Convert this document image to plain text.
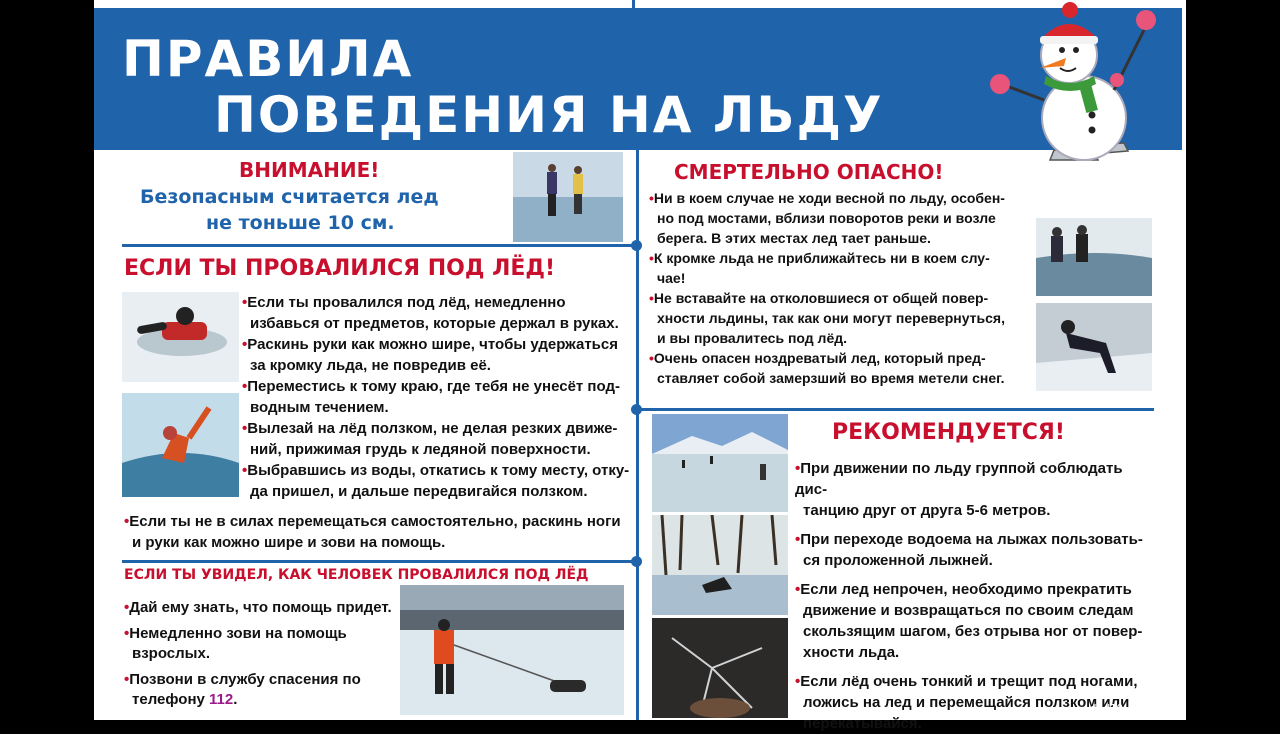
ПРАВИЛА
ПОВЕДЕНИЯ НА ЛЬДУ
ВНИМАНИЕ!
Безопасным считается лед
не тоньше 10 см.
ЕСЛИ ТЫ ПРОВАЛИЛСЯ ПОД ЛЁД!
•Если ты провалился под лёд, немедленно
избавься от предметов, которые держал в руках.
•Раскинь руки как можно шире, чтобы удержаться
за кромку льда, не повредив её.
•Переместись к тому краю, где тебя не унесёт под-
водным течением.
•Вылезай на лёд ползком, не делая резких движе-
ний, прижимая грудь к ледяной поверхности.
•Выбравшись из воды, откатись к тому месту, отку-
да пришел, и дальше передвигайся ползком.
•Если ты не в силах перемещаться самостоятельно, раскинь ноги
и руки как можно шире и зови на помощь.
ЕСЛИ ТЫ УВИДЕЛ, КАК ЧЕЛОВЕК ПРОВАЛИЛСЯ ПОД ЛЁД
•Дай ему знать, что помощь придет.
•Немедленно зови на помощь
взрослых.
•Позвони в службу спасения по
телефону 112.
СМЕРТЕЛЬНО ОПАСНО!
•Ни в коем случае не ходи весной по льду, особен-
но под мостами, вблизи поворотов реки и возле
берега. В этих местах лед тает раньше.
•К кромке льда не приближайтесь ни в коем слу-
чае!
•Не вставайте на отколовшиеся от общей повер-
хности льдины, так как они могут перевернуться,
и вы провалитесь под лёд.
•Очень опасен ноздреватый лед, который пред-
ставляет собой замерзший во время метели снег.
РЕКОМЕНДУЕТСЯ!
•При движении по льду группой соблюдать дис-
танцию друг от друга 5-6 метров.
•При переходе водоема на лыжах пользовать-
ся проложенной лыжней.
•Если лед непрочен, необходимо прекратить
движение и возвращаться по своим следам
скользящим шагом, без отрыва ног от повер-
хности льда.
•Если лёд очень тонкий и трещит под ногами,
ложись на лед и перемещайся ползком или
перекатывайся.
dsd10.ucoz.net
